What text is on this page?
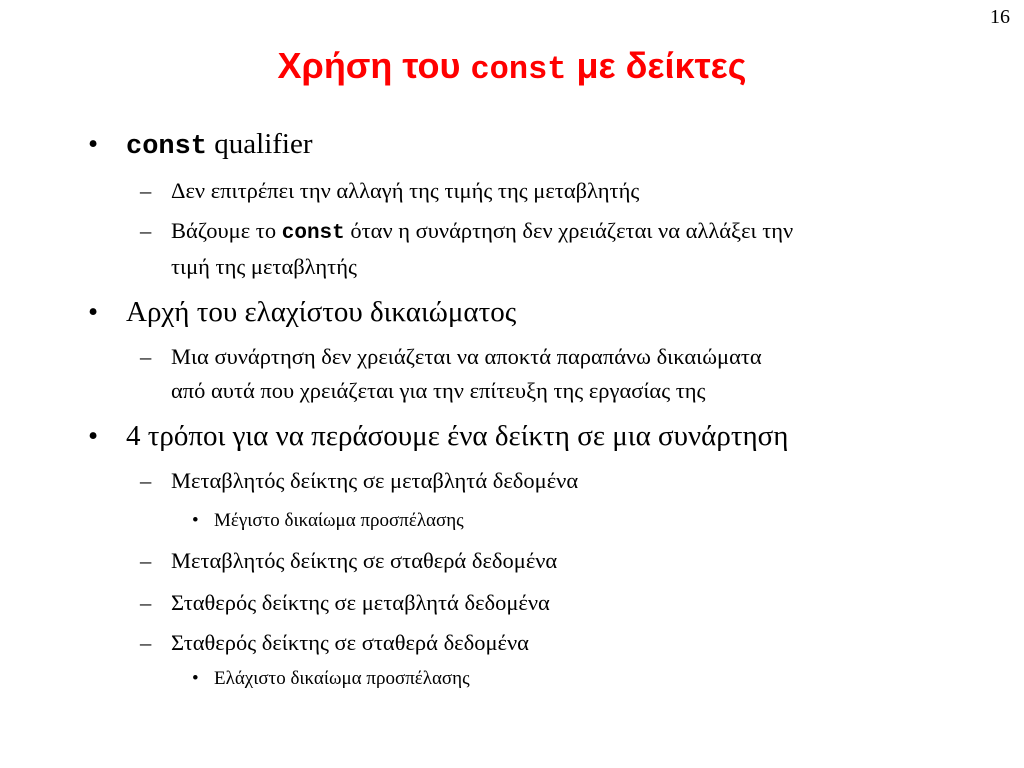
16
Χρήση του const με δείκτες
• const qualifier
– Δεν επιτρέπει την αλλαγή της τιμής της μεταβλητής
– Βάζουμε το const όταν η συνάρτηση δεν χρειάζεται να αλλάξει την
τιμή της μεταβλητής
• Αρχή του ελαχίστου δικαιώματος
– Μια συνάρτηση δεν χρειάζεται να αποκτά παραπάνω δικαιώματα
από αυτά που χρειάζεται για την επίτευξη της εργασίας της
• 4 τρόποι για να περάσουμε ένα δείκτη σε μια συνάρτηση
– Μεταβλητός δείκτης σε μεταβλητά δεδομένα
• Μέγιστο δικαίωμα προσπέλασης
– Μεταβλητός δείκτης σε σταθερά δεδομένα
– Σταθερός δείκτης σε μεταβλητά δεδομένα
– Σταθερός δείκτης σε σταθερά δεδομένα
• Ελάχιστο δικαίωμα προσπέλασης
